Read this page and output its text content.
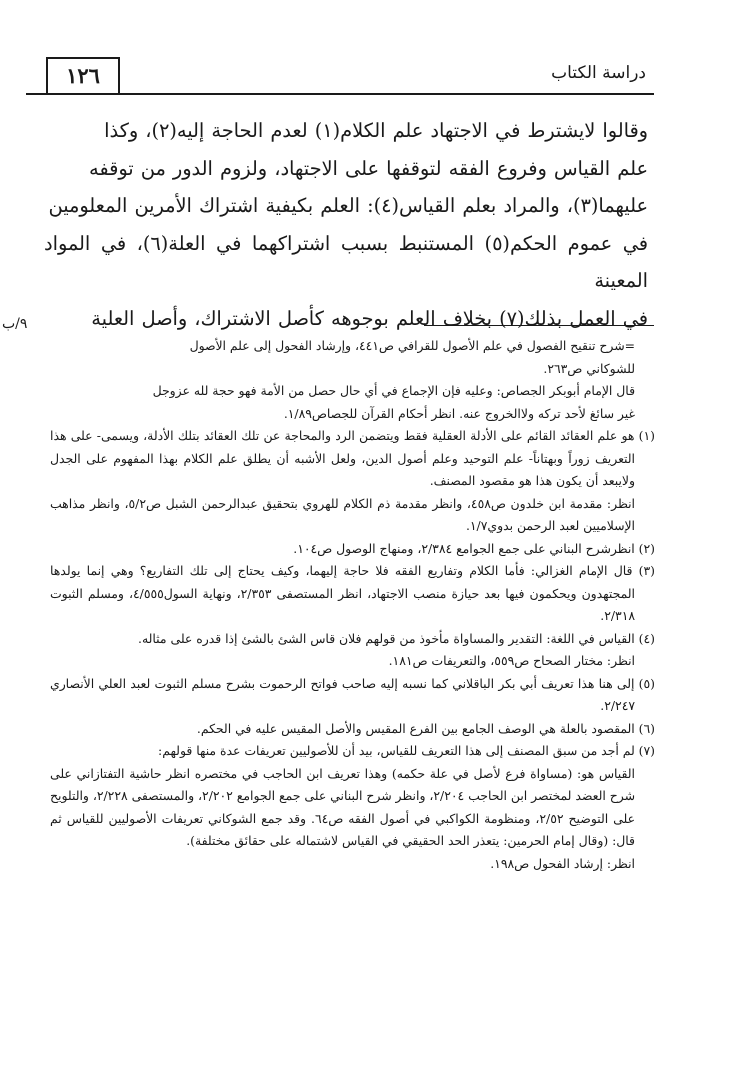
١٢٦	دراسة الكتاب

وقالوا لايشترط في الاجتهاد علم الكلام(١) لعدم الحاجة إليه(٢)، وكذا

علم القياس وفروع الفقه لتوقفها على الاجتهاد، ولزوم الدور من توقفه

عليهما(٣)، والمراد بعلم القياس(٤): العلم بكيفية اشتراك الأمرين المعلومين

في عموم الحكم(٥) المستنبط بسبب اشتراكهما في العلة(٦)، في المواد المعينة

في العمل بذلك(٧) بخلاف العلم بوجوهه كأصل الاشتراك، وأصل العلية

٩/ب

=شرح تنقيح الفصول في علم الأصول للقرافي ص٤٤١، وإرشاد الفحول إلى علم الأصول

للشوكاني ص٢٦٣.

قال الإمام أبوبكر الجصاص: وعليه فإن الإجماع في أي حال حصل من الأمة فهو حجة لله عزوجل

غير سائغ لأحد تركه ولاالخروج عنه. انظر أحكام القرآن للجصاص١/٨٩.

(١) هو علم العقائد القائم على الأدلة العقلية فقط ويتضمن الرد والمحاجة عن تلك العقائد بتلك الأدلة، ويسمى- على هذا التعريف زوراً وبهتاناً- علم التوحيد وعلم أصول الدين، ولعل الأشبه أن يطلق علم الكلام بهذا المفهوم على الجدل ولايبعد أن يكون هذا هو مقصود المصنف.

انظر: مقدمة ابن خلدون ص٤٥٨، وانظر مقدمة ذم الكلام للهروي بتحقيق عبدالرحمن الشبل ص٥/٢، وانظر مذاهب الإسلاميين لعبد الرحمن بدوي١/٧.

(٢) انظرشرح البناني على جمع الجوامع ٢/٣٨٤، ومنهاج الوصول ص١٠٤.

(٣) قال الإمام الغزالي: فأما الكلام وتفاريع الفقه فلا حاجة إليهما، وكيف يحتاج إلى تلك التفاريع؟ وهي إنما يولدها المجتهدون ويحكمون فيها بعد حيازة منصب الاجتهاد، انظر المستصفى ٢/٣٥٣، ونهاية السول٤/٥٥٥، ومسلم الثبوت ٢/٣١٨.

(٤) القياس في اللغة: التقدير والمساواة مأخوذ من قولهم فلان قاس الشئ بالشئ إذا قدره على مثاله.

انظر: مختار الصحاح ص٥٥٩، والتعريفات ص١٨١.

(٥) إلى هنا هذا تعريف أبي بكر الباقلاني كما نسبه إليه صاحب فواتح الرحموت بشرح مسلم الثبوت لعبد العلي الأنصاري ٢/٢٤٧.

(٦) المقصود بالعلة هي الوصف الجامع بين الفرع المقيس والأصل المقيس عليه في الحكم.

(٧) لم أجد من سبق المصنف إلى هذا التعريف للقياس، بيد أن للأصوليين تعريفات عدة منها قولهم:

القياس هو: (مساواة فرع لأصل في علة حكمه) وهذا تعريف ابن الحاجب في مختصره انظر حاشية التفتازاني على شرح العضد لمختصر ابن الحاجب ٢/٢٠٤، وانظر شرح البناني على جمع الجوامع ٢/٢٠٢، والمستصفى ٢/٢٢٨، والتلويح على التوضيح ٢/٥٢، ومنظومة الكواكبي في أصول الفقه ص٦٤. وقد جمع الشوكاني تعريفات الأصوليين للقياس ثم قال: (وقال إمام الحرمين: يتعذر الحد الحقيقي في القياس لاشتماله على حقائق مختلفة).

انظر: إرشاد الفحول ص١٩٨.
